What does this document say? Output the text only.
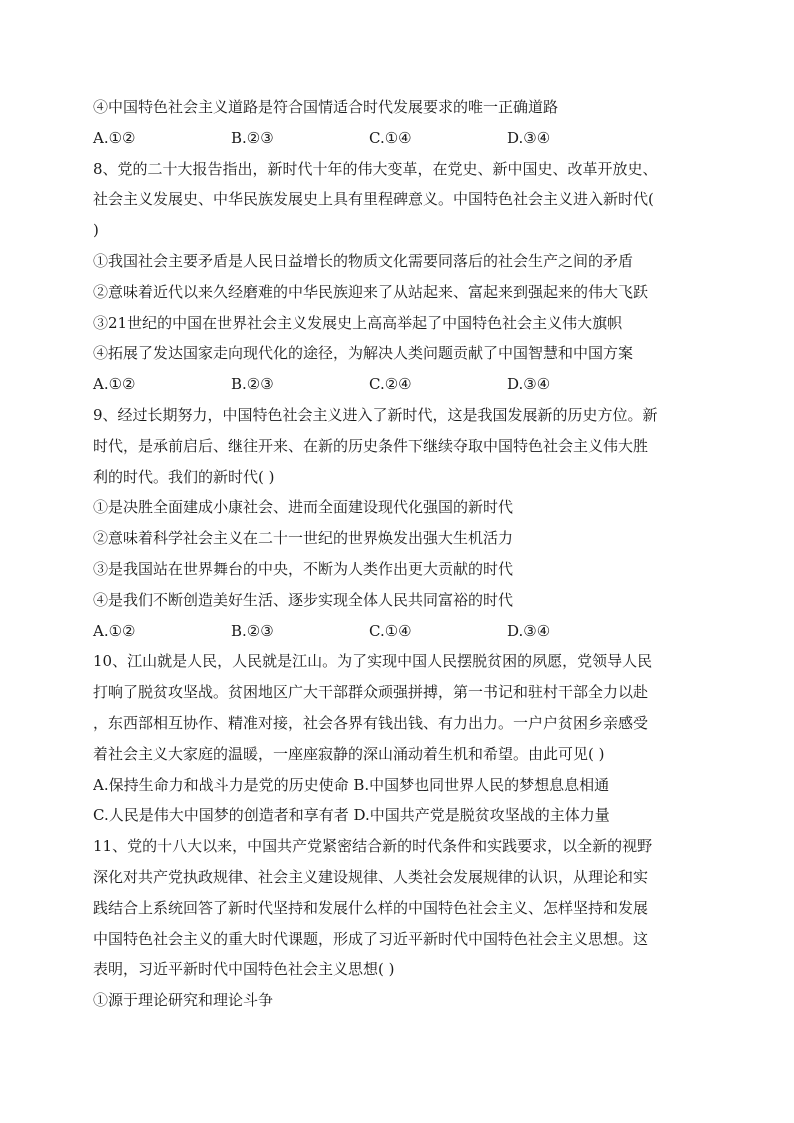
④中国特色社会主义道路是符合国情适合时代发展要求的唯一正确道路
A.①②	B.②③	C.①④	D.③④
8、党的二十大报告指出，新时代十年的伟大变革，在党史、新中国史、改革开放史、
社会主义发展史、中华民族发展史上具有里程碑意义。中国特色社会主义进入新时代(
)
①我国社会主要矛盾是人民日益增长的物质文化需要同落后的社会生产之间的矛盾
②意味着近代以来久经磨难的中华民族迎来了从站起来、富起来到强起来的伟大飞跃
③21世纪的中国在世界社会主义发展史上高高举起了中国特色社会主义伟大旗帜
④拓展了发达国家走向现代化的途径，为解决人类问题贡献了中国智慧和中国方案
A.①②	B.②③	C.②④	D.③④
9、经过长期努力，中国特色社会主义进入了新时代，这是我国发展新的历史方位。新
时代，是承前启后、继往开来、在新的历史条件下继续夺取中国特色社会主义伟大胜
利的时代。我们的新时代( )
①是决胜全面建成小康社会、进而全面建设现代化强国的新时代
②意味着科学社会主义在二十一世纪的世界焕发出强大生机活力
③是我国站在世界舞台的中央，不断为人类作出更大贡献的时代
④是我们不断创造美好生活、逐步实现全体人民共同富裕的时代
A.①②	B.②③	C.①④	D.③④
10、江山就是人民，人民就是江山。为了实现中国人民摆脱贫困的夙愿，党领导人民
打响了脱贫攻坚战。贫困地区广大干部群众顽强拼搏，第一书记和驻村干部全力以赴
，东西部相互协作、精准对接，社会各界有钱出钱、有力出力。一户户贫困乡亲感受
着社会主义大家庭的温暖，一座座寂静的深山涌动着生机和希望。由此可见( )
A.保持生命力和战斗力是党的历史使命 B.中国梦也同世界人民的梦想息息相通
C.人民是伟大中国梦的创造者和享有者 D.中国共产党是脱贫攻坚战的主体力量
11、党的十八大以来，中国共产党紧密结合新的时代条件和实践要求，以全新的视野
深化对共产党执政规律、社会主义建设规律、人类社会发展规律的认识，从理论和实
践结合上系统回答了新时代坚持和发展什么样的中国特色社会主义、怎样坚持和发展
中国特色社会主义的重大时代课题，形成了习近平新时代中国特色社会主义思想。这
表明，习近平新时代中国特色社会主义思想( )
①源于理论研究和理论斗争
